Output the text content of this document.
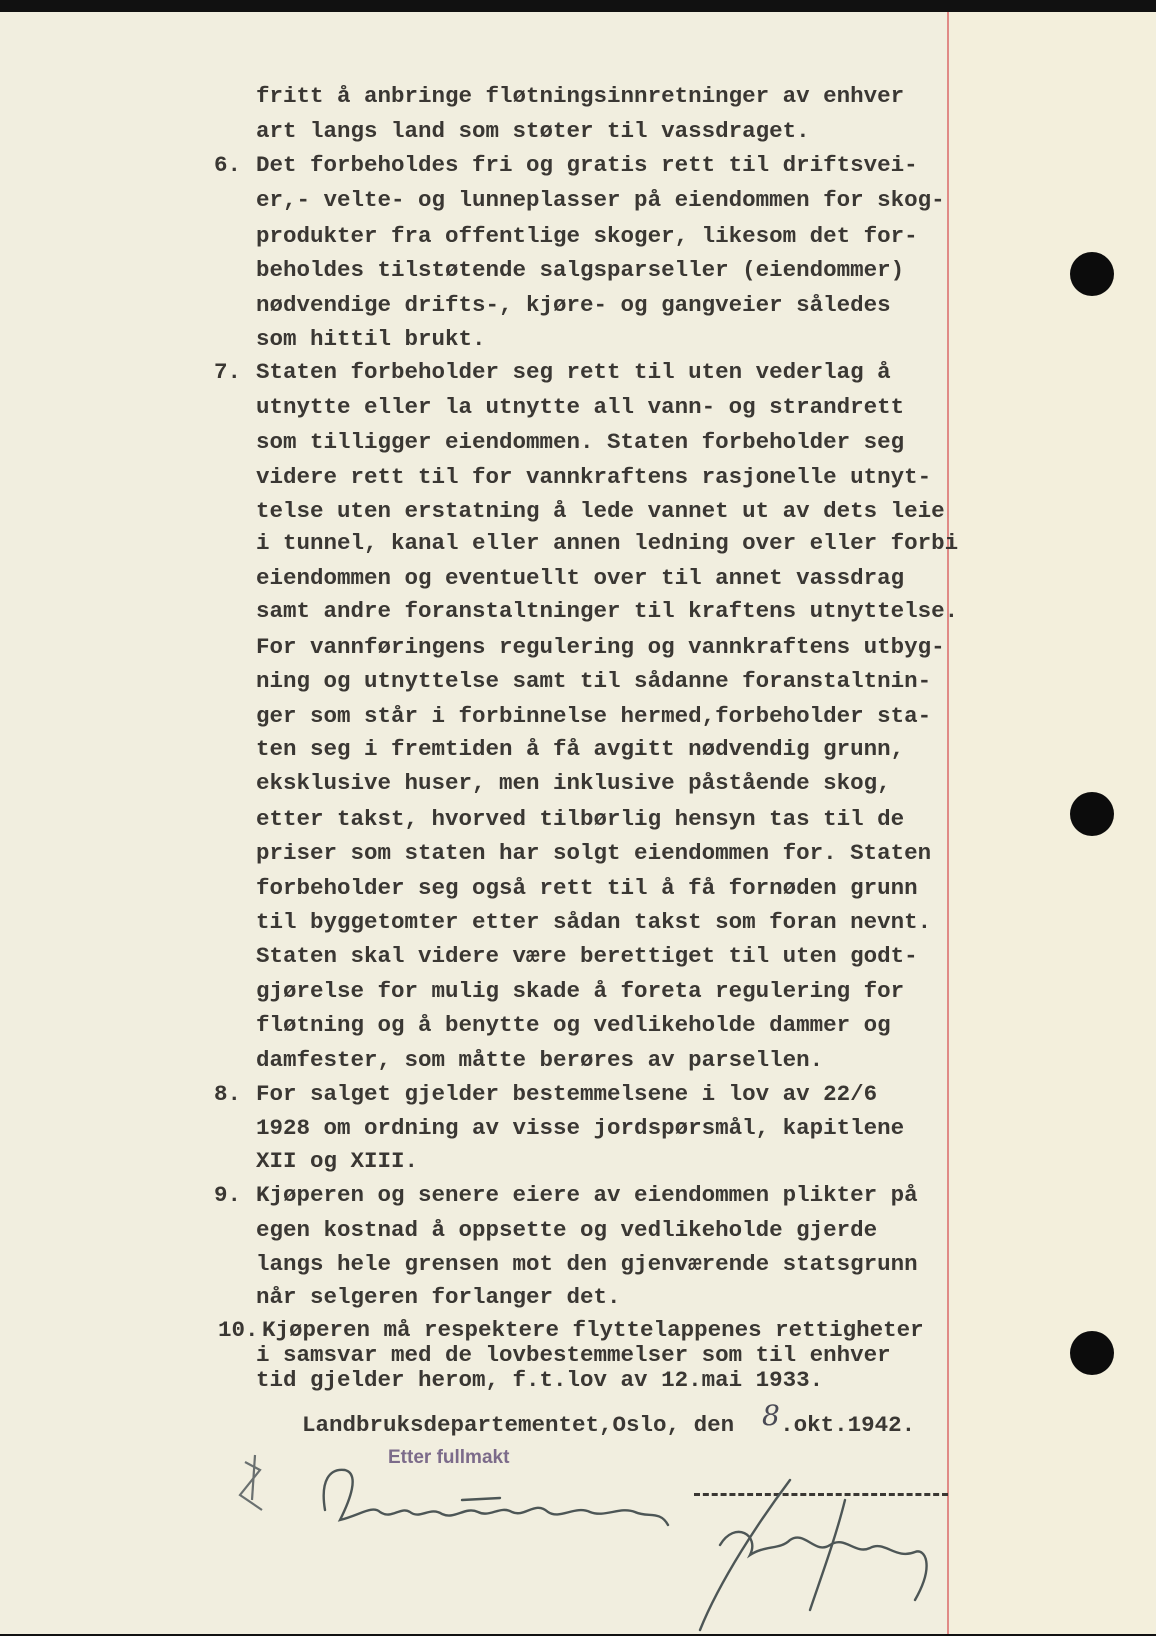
fritt å anbringe fløtningsinnretninger av enhver
art langs land som støter til vassdraget.
6. Det forbeholdes fri og gratis rett til driftsvei-
er,- velte- og lunneplasser på eiendommen for skog-
produkter fra offentlige skoger, likesom det for-
beholdes tilstøtende salgsparseller (eiendommer)
nødvendige drifts-, kjøre- og gangveier således
som hittil brukt.
7. Staten forbeholder seg rett til uten vederlag å
utnytte eller la utnytte all vann- og strandrett
som tilligger eiendommen. Staten forbeholder seg
videre rett til for vannkraftens rasjonelle utnyt-
telse uten erstatning å lede vannet ut av dets leie
i tunnel, kanal eller annen ledning over eller forbi
eiendommen og eventuellt over til annet vassdrag
samt andre foranstaltninger til kraftens utnyttelse.
For vannføringens regulering og vannkraftens utbyg-
ning og utnyttelse samt til sådanne foranstaltnin-
ger som står i forbinnelse hermed,forbeholder sta-
ten seg i fremtiden å få avgitt nødvendig grunn,
eksklusive huser, men inklusive påstående skog,
etter takst, hvorved tilbørlig hensyn tas til de
priser som staten har solgt eiendommen for. Staten
forbeholder seg også rett til å få fornøden grunn
til byggetomter etter sådan takst som foran nevnt.
Staten skal videre være berettiget til uten godt-
gjørelse for mulig skade å foreta regulering for
fløtning og å benytte og vedlikeholde dammer og
damfester, som måtte berøres av parsellen.
8. For salget gjelder bestemmelsene i lov av 22/6
1928 om ordning av visse jordspørsmål, kapitlene
XII og XIII.
9. Kjøperen og senere eiere av eiendommen plikter på
egen kostnad å oppsette og vedlikeholde gjerde
langs hele grensen mot den gjenværende statsgrunn
når selgeren forlanger det.
10. Kjøperen må respektere flyttelappenes rettigheter
i samsvar med de lovbestemmelser som til enhver
tid gjelder herom, f.t.lov av 12.mai 1933.
Landbruksdepartementet,Oslo, den .okt.1942.
8
Etter fullmakt
